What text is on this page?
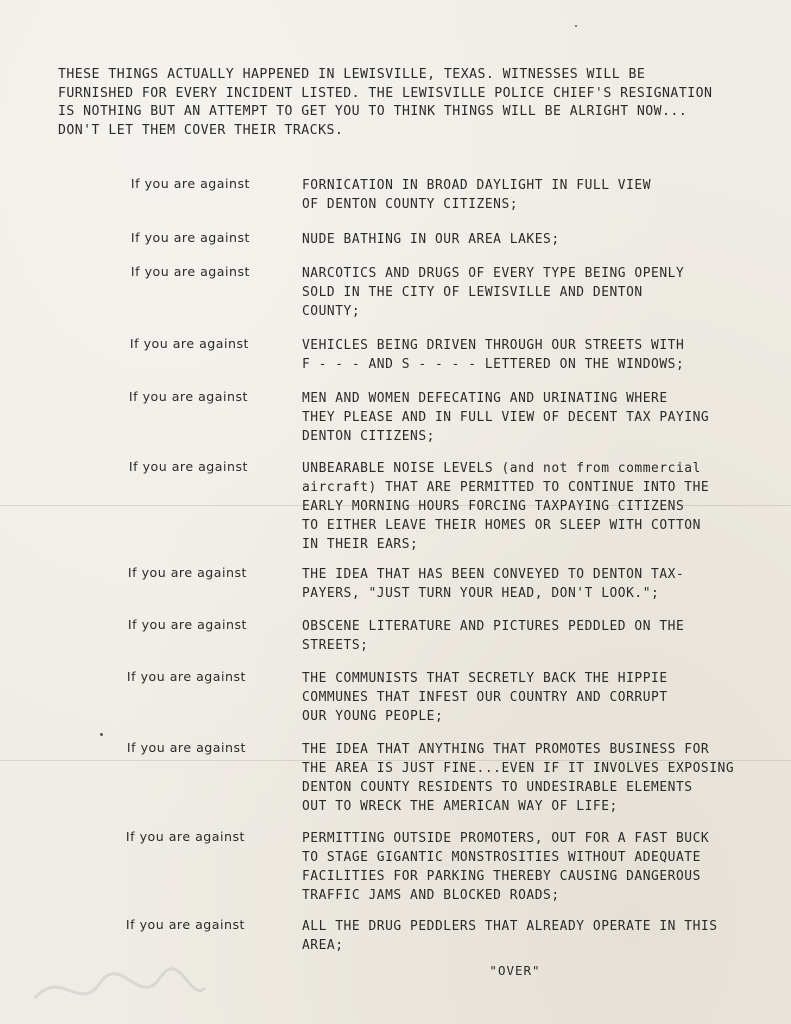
THESE THINGS ACTUALLY HAPPENED IN LEWISVILLE, TEXAS. WITNESSES WILL BE
FURNISHED FOR EVERY INCIDENT LISTED. THE LEWISVILLE POLICE CHIEF'S RESIGNATION
IS NOTHING BUT AN ATTEMPT TO GET YOU TO THINK THINGS WILL BE ALRIGHT NOW...
DON'T LET THEM COVER THEIR TRACKS.
If you are against	FORNICATION IN BROAD DAYLIGHT IN FULL VIEW
OF DENTON COUNTY CITIZENS;
If you are against	NUDE BATHING IN OUR AREA LAKES;
If you are against	NARCOTICS AND DRUGS OF EVERY TYPE BEING OPENLY
SOLD IN THE CITY OF LEWISVILLE AND DENTON
COUNTY;
If you are against	VEHICLES BEING DRIVEN THROUGH OUR STREETS WITH
F - - - AND S - - - - LETTERED ON THE WINDOWS;
If you are against	MEN AND WOMEN DEFECATING AND URINATING WHERE
THEY PLEASE AND IN FULL VIEW OF DECENT TAX PAYING
DENTON CITIZENS;
If you are against	UNBEARABLE NOISE LEVELS (and not from commercial
aircraft) THAT ARE PERMITTED TO CONTINUE INTO THE
EARLY MORNING HOURS FORCING TAXPAYING CITIZENS
TO EITHER LEAVE THEIR HOMES OR SLEEP WITH COTTON
IN THEIR EARS;
If you are against	THE IDEA THAT HAS BEEN CONVEYED TO DENTON TAX-
PAYERS, "JUST TURN YOUR HEAD, DON'T LOOK.";
If you are against	OBSCENE LITERATURE AND PICTURES PEDDLED ON THE
STREETS;
If you are against	THE COMMUNISTS THAT SECRETLY BACK THE HIPPIE
COMMUNES THAT INFEST OUR COUNTRY AND CORRUPT
OUR YOUNG PEOPLE;
If you are against	THE IDEA THAT ANYTHING THAT PROMOTES BUSINESS FOR
THE AREA IS JUST FINE...EVEN IF IT INVOLVES EXPOSING
DENTON COUNTY RESIDENTS TO UNDESIRABLE ELEMENTS
OUT TO WRECK THE AMERICAN WAY OF LIFE;
If you are against	PERMITTING OUTSIDE PROMOTERS, OUT FOR A FAST BUCK
TO STAGE GIGANTIC MONSTROSITIES WITHOUT ADEQUATE
FACILITIES FOR PARKING THEREBY CAUSING DANGEROUS
TRAFFIC JAMS AND BLOCKED ROADS;
If you are against	ALL THE DRUG PEDDLERS THAT ALREADY OPERATE IN THIS
AREA;
"OVER"
